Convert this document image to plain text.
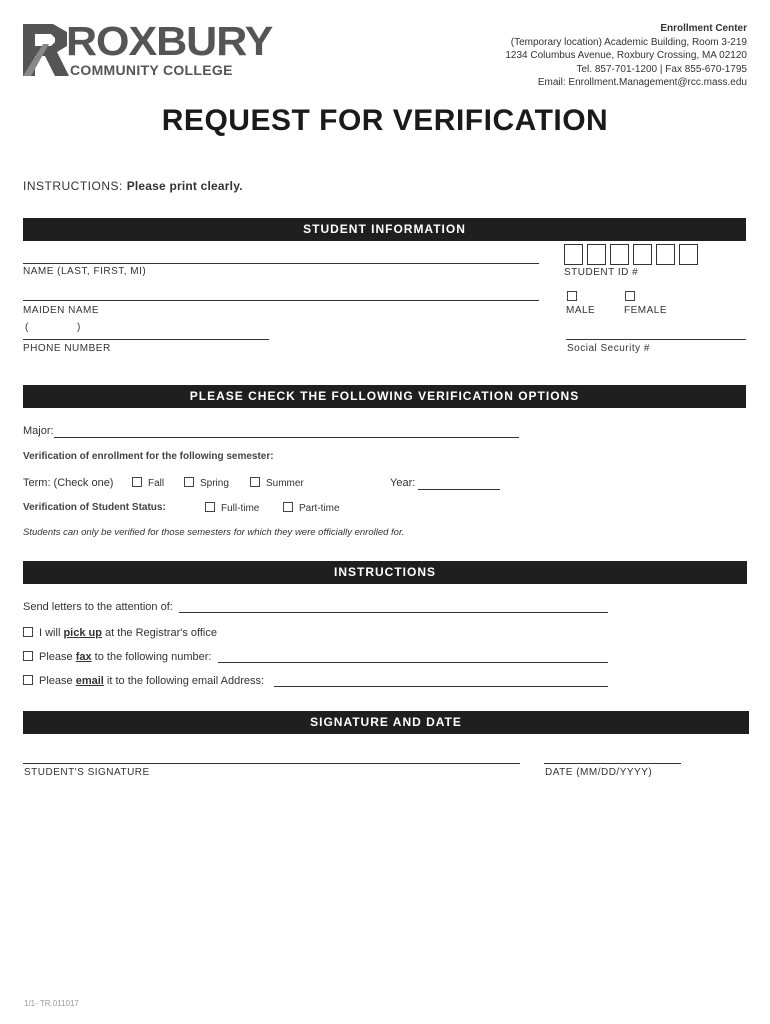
ROXBURY
COMMUNITY COLLEGE
Enrollment Center
(Temporary location) Academic Building, Room 3-219
1234 Columbus Avenue, Roxbury Crossing, MA 02120
Tel. 857-701-1200 | Fax 855-670-1795
Email: Enrollment.Management@rcc.mass.edu
REQUEST FOR VERIFICATION
INSTRUCTIONS: Please print clearly.
STUDENT INFORMATION
NAME (LAST, FIRST, MI)	STUDENT ID #
MAIDEN NAME	MALE	FEMALE
(	)
PHONE NUMBER	Social Security #
PLEASE CHECK THE FOLLOWING VERIFICATION OPTIONS
Major:
Verification of enrollment for the following semester:
Term: (Check one)	Fall	Spring	Summer	Year:
Verification of Student Status:	Full-time	Part-time
Students can only be verified for those semesters for which they were officially enrolled for.
INSTRUCTIONS
Send letters to the attention of:
I will pick up at the Registrar's office
Please fax to the following number:
Please email it to the following email Address:
SIGNATURE AND DATE
STUDENT'S SIGNATURE	DATE (MM/DD/YYYY)
1/1- TR.011017
